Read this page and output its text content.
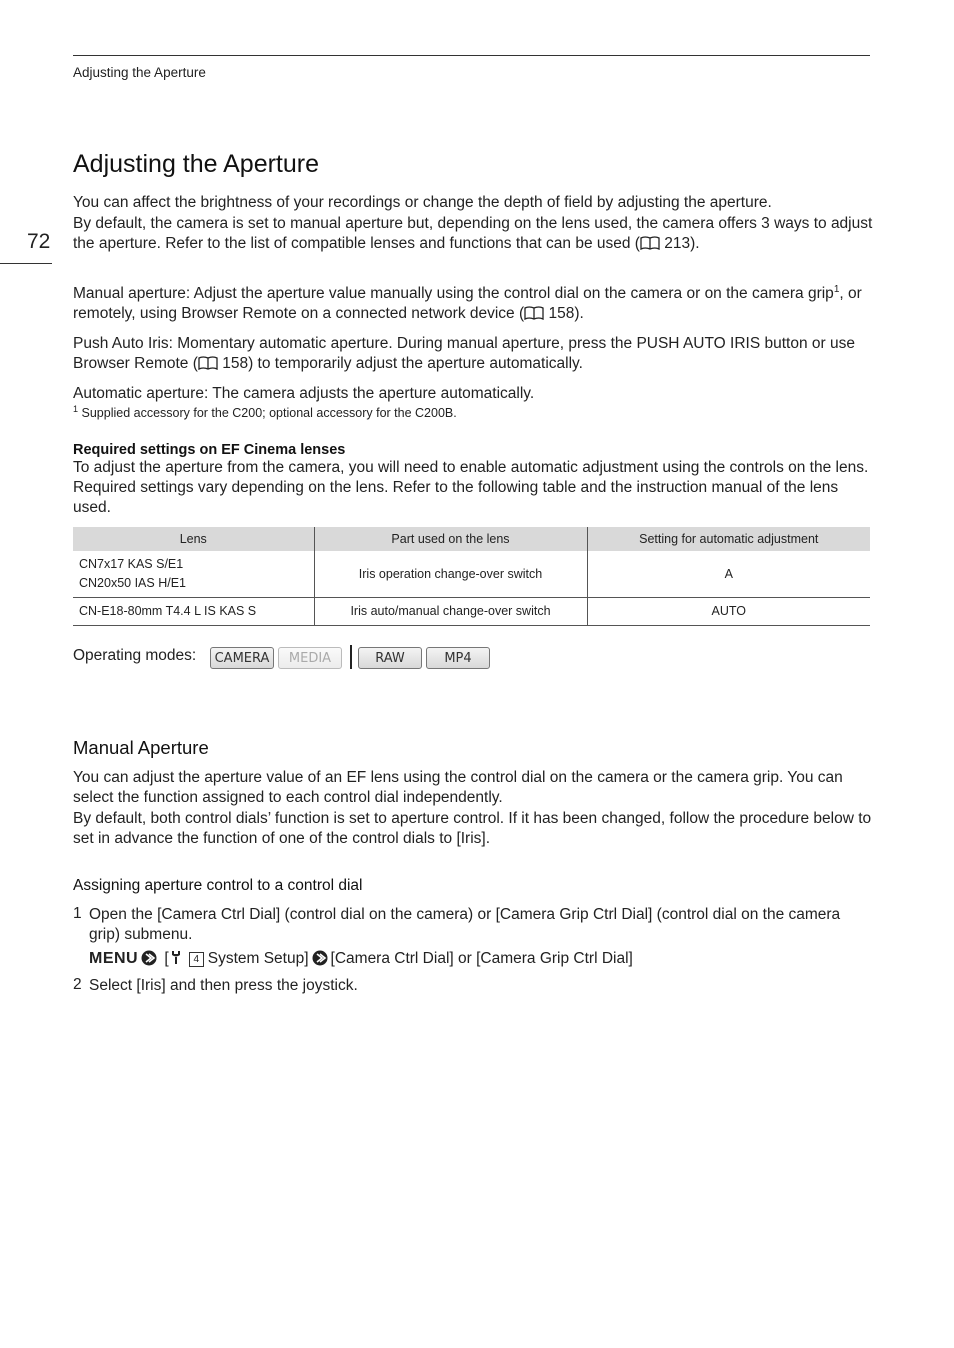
Adjusting the Aperture
72
Adjusting the Aperture

You can affect the brightness of your recordings or change the depth of field by adjusting the aperture.

By default, the camera is set to manual aperture but, depending on the lens used, the camera offers 3 ways to adjust the aperture. Refer to the list of compatible lenses and functions that can be used ( 213).

Manual aperture: Adjust the aperture value manually using the control dial on the camera or on the camera grip$^1$, or remotely, using Browser Remote on a connected network device ( 158).

Push Auto Iris: Momentary automatic aperture. During manual aperture, press the PUSH AUTO IRIS button or use Browser Remote ( 158) to temporarily adjust the aperture automatically.

Automatic aperture: The camera adjusts the aperture automatically.

$^1$ Supplied accessory for the C200; optional accessory for the C200B.
Required settings on EF Cinema lenses

To adjust the aperture from the camera, you will need to enable automatic adjustment using the controls on the lens. Required settings vary depending on the lens. Refer to the following table and the instruction manual of the lens used.

Lens	Part used on the lens	Setting for automatic adjustment
CN7x17 KAS S/E1
CN20x50 IAS H/E1	Iris operation change-over switch	A
CN-E18-80mm T4.4 L IS KAS S	Iris auto/manual change-over switch	AUTO
Operating modes:	CAMERA	MEDIA	RAW	MP4
Manual Aperture

You can adjust the aperture value of an EF lens using the control dial on the camera or the camera grip. You can select the function assigned to each control dial independently.

By default, both control dials’ function is set to aperture control. If it has been changed, follow the procedure below to set in advance the function of one of the control dials to [Iris].

Assigning aperture control to a control dial
1 Open the [Camera Ctrl Dial] (control dial on the camera) or [Camera Grip Ctrl Dial] (control dial on the camera grip) submenu.
MENU [ 4 System Setup] [Camera Ctrl Dial] or [Camera Grip Ctrl Dial]
2 Select [Iris] and then press the joystick.
